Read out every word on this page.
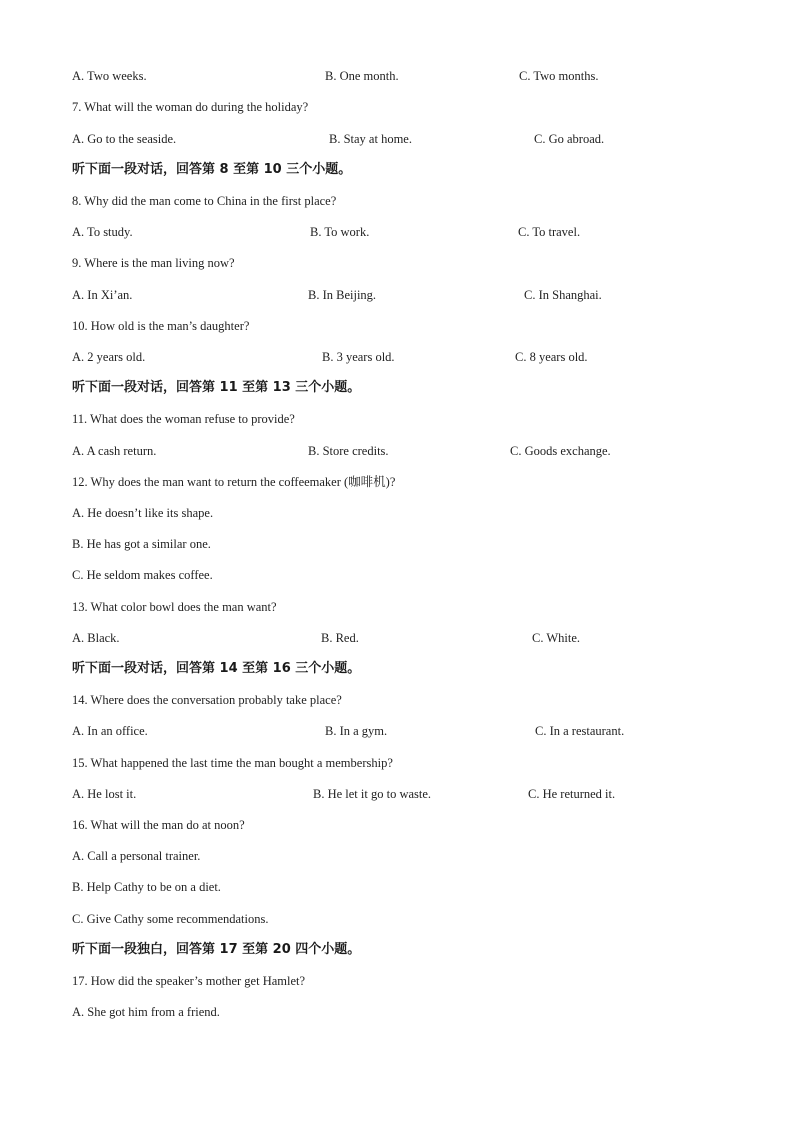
A. Two weeks.	B. One month.	C. Two months.
7. What will the woman do during the holiday?
A. Go to the seaside.	B. Stay at home.	C. Go abroad.
听下面一段对话，回答第 8 至第 10 三个小题。
8. Why did the man come to China in the first place?
A. To study.	B. To work.	C. To travel.
9. Where is the man living now?
A. In Xi’an.	B. In Beijing.	C. In Shanghai.
10. How old is the man’s daughter?
A. 2 years old.	B. 3 years old.	C. 8 years old.
听下面一段对话，回答第 11 至第 13 三个小题。
11. What does the woman refuse to provide?
A. A cash return.	B. Store credits.	C. Goods exchange.
12. Why does the man want to return the coffeemaker (咖啡机)?
A. He doesn’t like its shape.
B. He has got a similar one.
C. He seldom makes coffee.
13. What color bowl does the man want?
A. Black.	B. Red.	C. White.
听下面一段对话，回答第 14 至第 16 三个小题。
14. Where does the conversation probably take place?
A. In an office.	B. In a gym.	C. In a restaurant.
15. What happened the last time the man bought a membership?
A. He lost it.	B. He let it go to waste.	C. He returned it.
16. What will the man do at noon?
A. Call a personal trainer.
B. Help Cathy to be on a diet.
C. Give Cathy some recommendations.
听下面一段独白，回答第 17 至第 20 四个小题。
17. How did the speaker’s mother get Hamlet?
A. She got him from a friend.
